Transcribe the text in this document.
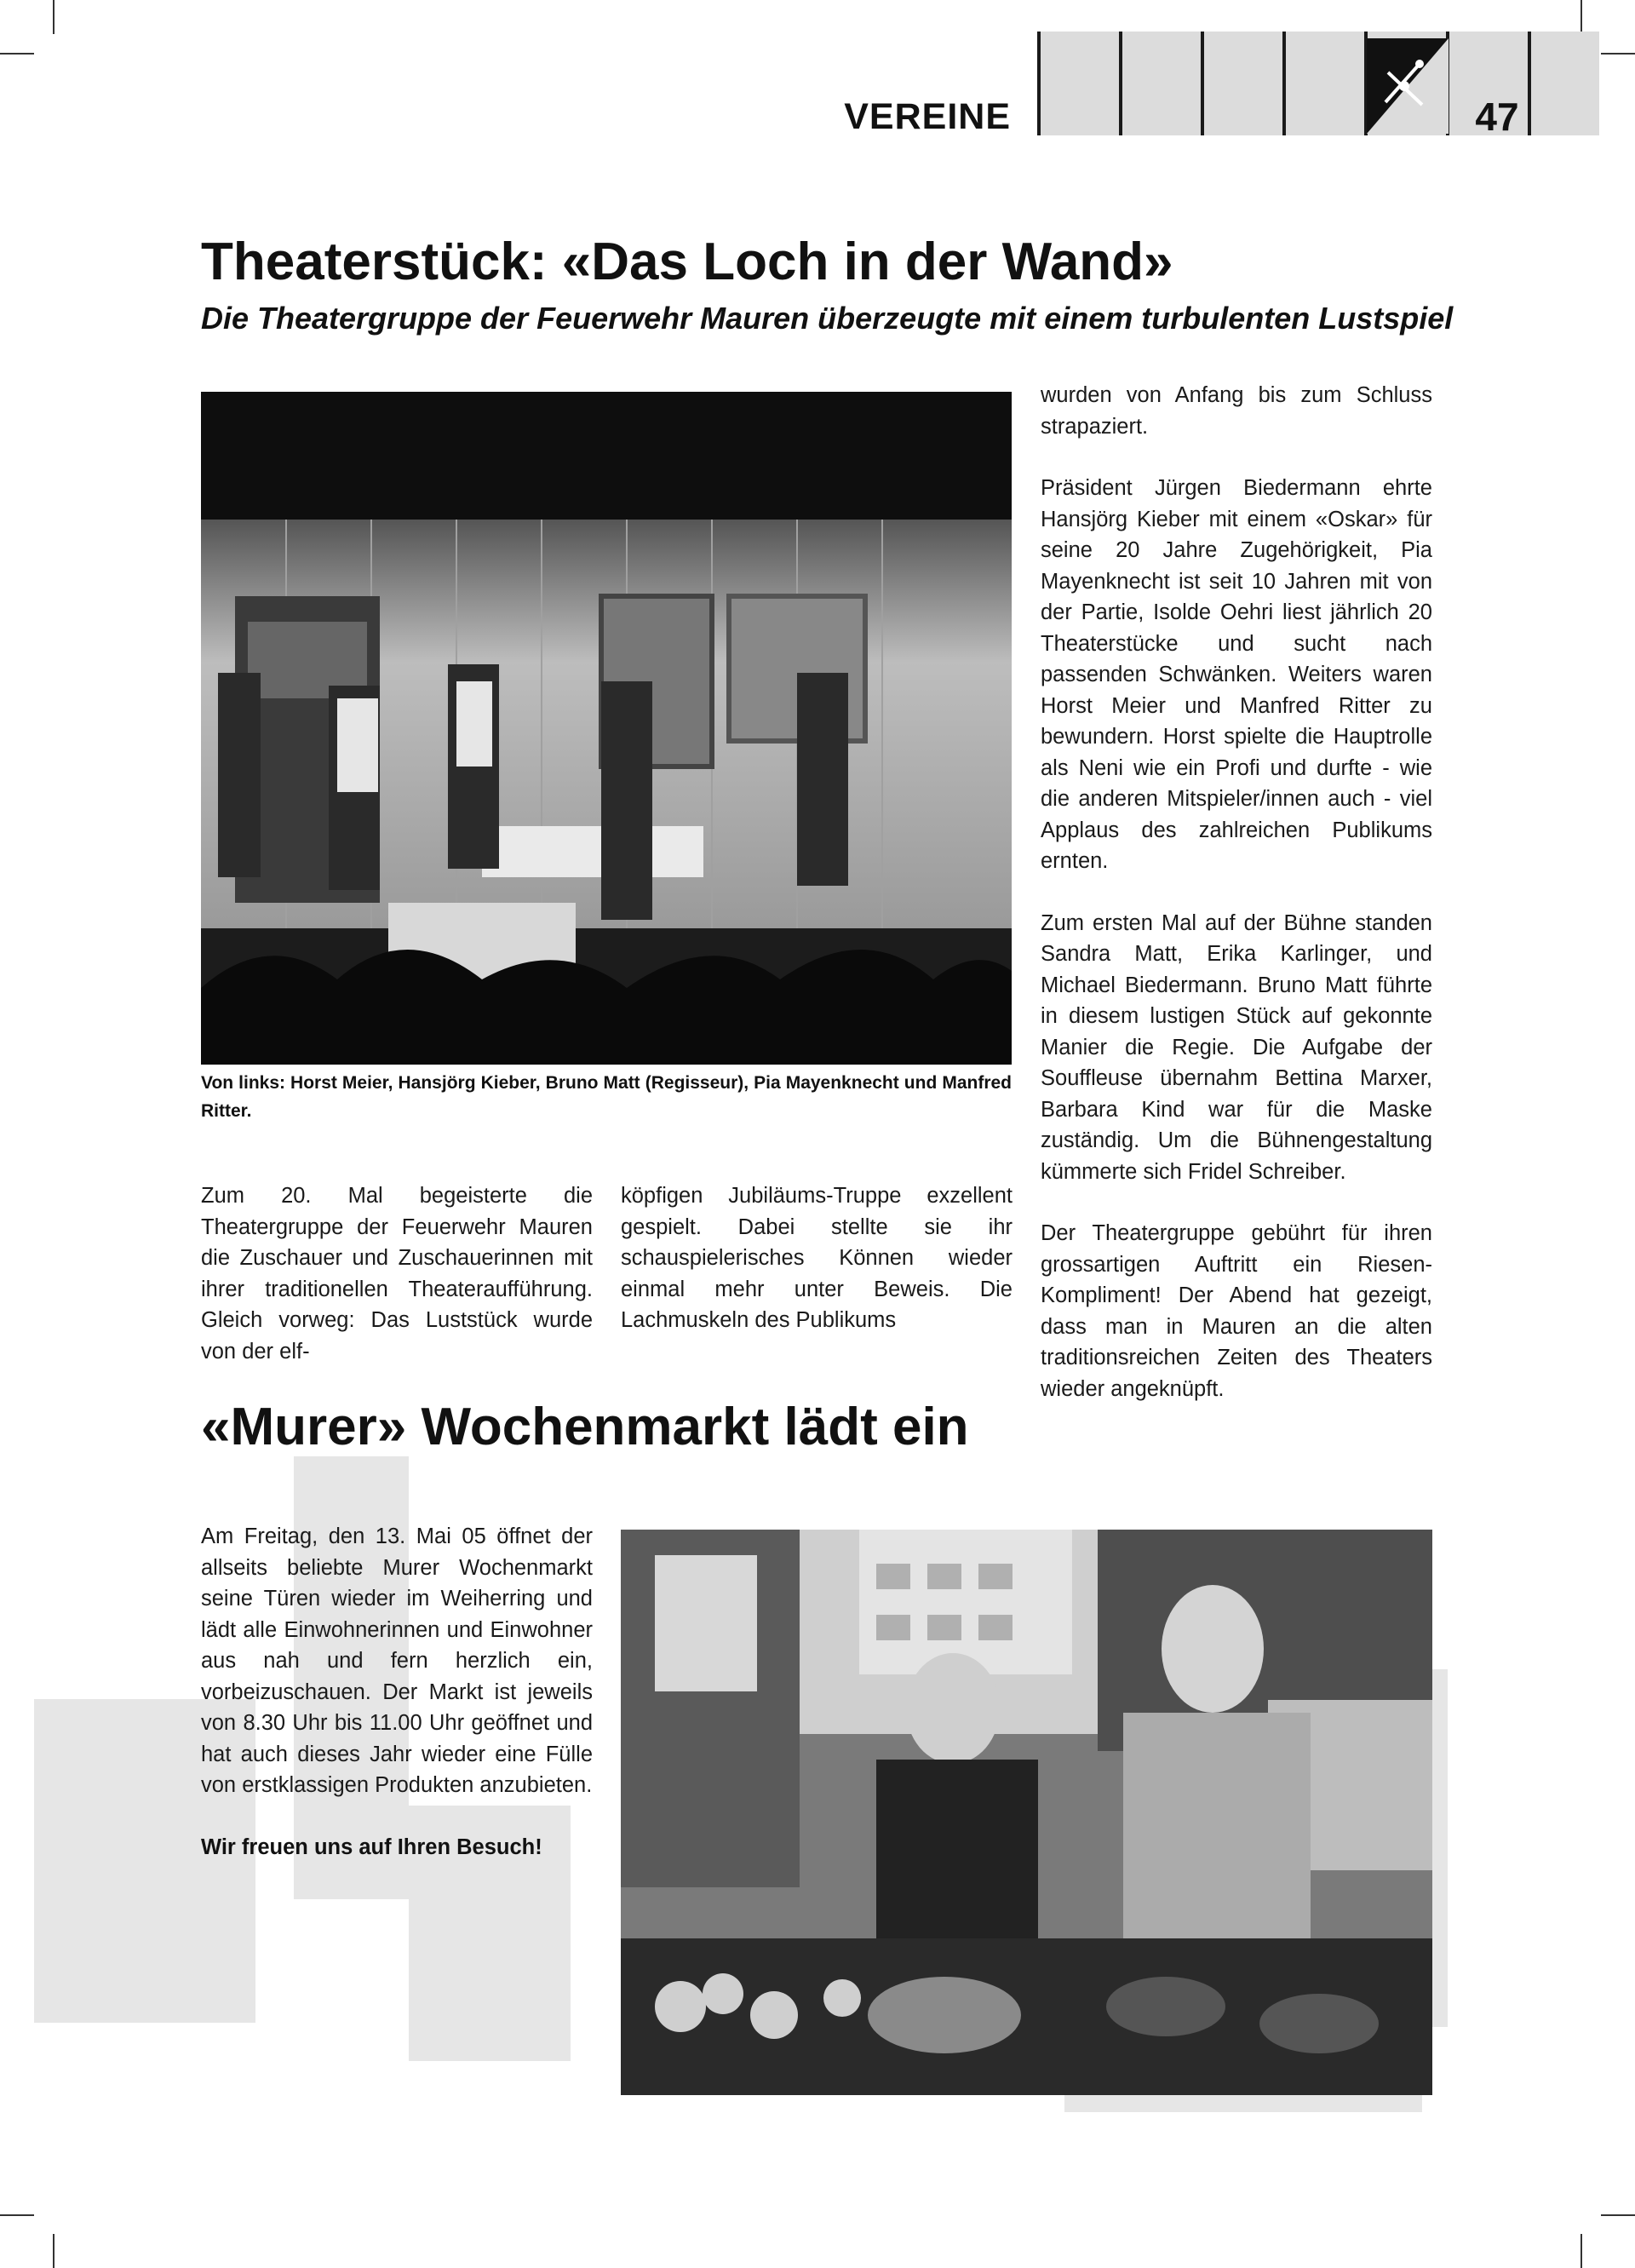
VEREINE	47
Theaterstück: «Das Loch in der Wand»
Die Theatergruppe der Feuerwehr Mauren überzeugte mit einem turbulenten Lustspiel
Von links: Horst Meier, Hansjörg Kieber, Bruno Matt (Regisseur), Pia Mayenknecht und Manfred Ritter.

Zum 20. Mal begeisterte die Theatergruppe der Feuerwehr Mauren die Zuschauer und Zuschauerinnen mit ihrer traditionellen Theateraufführung. Gleich vorweg: Das Luststück wurde von der elf-

köpfigen Jubiläums-Truppe exzellent gespielt. Dabei stellte sie ihr schauspielerisches Können wieder einmal mehr unter Beweis. Die Lachmuskeln des Publikums

wurden von Anfang bis zum Schluss strapaziert.

Präsident Jürgen Biedermann ehrte Hansjörg Kieber mit einem «Oskar» für seine 20 Jahre Zugehörigkeit, Pia Mayenknecht ist seit 10 Jahren mit von der Partie, Isolde Oehri liest jährlich 20 Theaterstücke und sucht nach passenden Schwänken. Weiters waren Horst Meier und Manfred Ritter zu bewundern. Horst spielte die Hauptrolle als Neni wie ein Profi und durfte - wie die anderen Mitspieler/innen auch - viel Applaus des zahlreichen Publikums ernten.

Zum ersten Mal auf der Bühne standen Sandra Matt, Erika Karlinger, und Michael Biedermann. Bruno Matt führte in diesem lustigen Stück auf gekonnte Manier die Regie. Die Aufgabe der Souffleuse übernahm Bettina Marxer, Barbara Kind war für die Maske zuständig. Um die Bühnengestaltung kümmerte sich Fridel Schreiber.

Der Theatergruppe gebührt für ihren grossartigen Auftritt ein Riesen-Kompliment! Der Abend hat gezeigt, dass man in Mauren an die alten traditionsreichen Zeiten des Theaters wieder angeknüpft.

«Murer» Wochenmarkt lädt ein

Am Freitag, den 13. Mai 05 öffnet der allseits beliebte Murer Wochenmarkt seine Türen wieder im Weiherring und lädt alle Einwohnerinnen und Einwohner aus nah und fern herzlich ein, vorbeizuschauen. Der Markt ist jeweils von 8.30 Uhr bis 11.00 Uhr geöffnet und hat auch dieses Jahr wieder eine Fülle von erstklassigen Produkten anzubieten.

Wir freuen uns auf Ihren Besuch!
